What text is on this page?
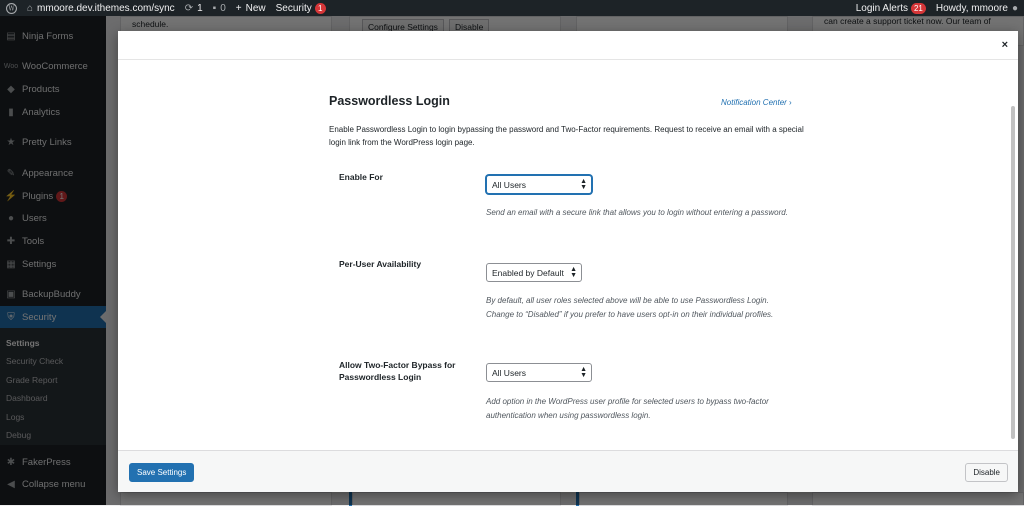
W ⌂ mmoore.dev.ithemes.com/sync ⟳ 1 ▪ 0 + New Security 1	Login Alerts 21	Howdy, mmoore ●
×
Passwordless Login	Notification Center ›
Enable Passwordless Login to login bypassing the password and Two-Factor requirements. Request to receive an email with a special login link from the WordPress login page.
Enable For
All Users	▲
▼
Send an email with a secure link that allows you to login without entering a password.
Per-User Availability
Enabled by Default ▲
▼
By default, all user roles selected above will be able to use Passwordless Login. Change to “Disabled” if you prefer to have users opt-in on their individual profiles.
Allow Two-Factor Bypass for Passwordless Login	All Users	▲
▼
Add option in the WordPress user profile for selected users to bypass two-factor authentication when using passwordless login.
Save Settings	Disable
